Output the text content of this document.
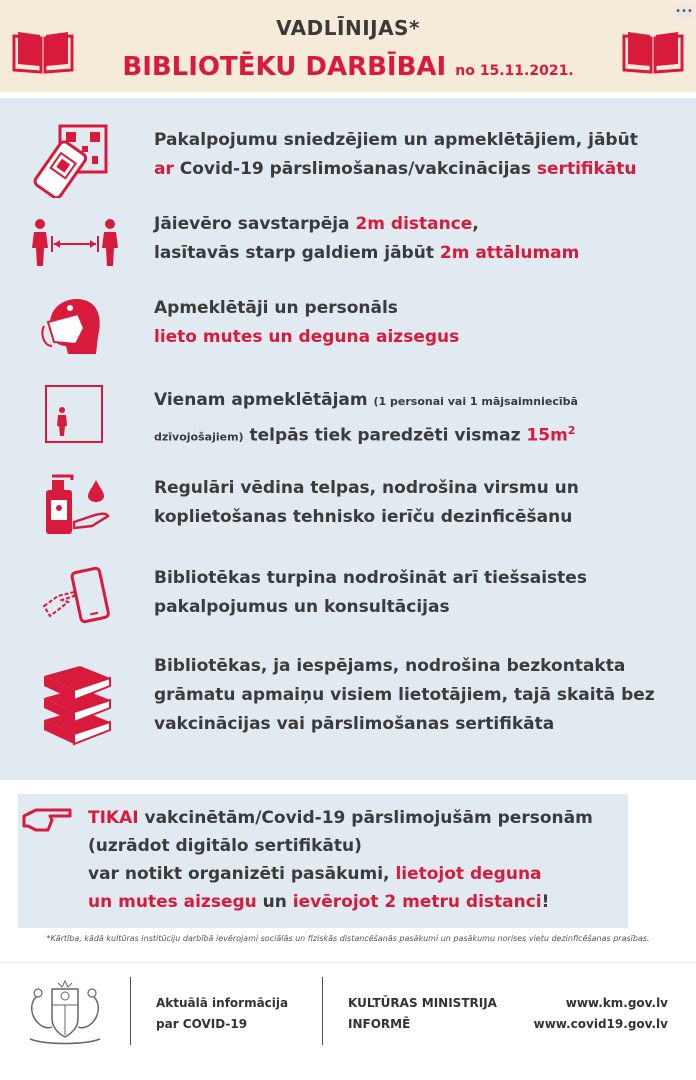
VADLĪNIJAS*
BIBLIOTĒKU DARBĪBAI no 15.11.2021.
•••
Pakalpojumu sniedzējiem un apmeklētājiem, jābūt
ar Covid-19 pārslimošanas/vakcinācijas sertifikātu
Jāievēro savstarpēja 2m distance,
lasītavās starp galdiem jābūt 2m attālumam
Apmeklētāji un personāls
lieto mutes un deguna aizsegus
Vienam apmeklētājam (1 personai vai 1 mājsaimniecībā
dzīvojošajiem) telpās tiek paredzēti vismaz $15m^2$
Regulāri vēdina telpas, nodrošina virsmu un
koplietošanas tehnisko ierīču dezinficēšanu
Bibliotēkas turpina nodrošināt arī tiešsaistes
pakalpojumus un konsultācijas
Bibliotēkas, ja iespējams, nodrošina bezkontakta
grāmatu apmaiņu visiem lietotājiem, tajā skaitā bez
vakcinācijas vai pārslimošanas sertifikāta
TIKAI vakcinētām/Covid-19 pārslimojušām personām
(uzrādot digitālo sertifikātu)
var notikt organizēti pasākumi, lietojot deguna
un mutes aizsegu un ievērojot 2 metru distanci!
*Kārtība, kādā kultūras institūciju darbībā ievērojami sociālās un fiziskās distancēšanās pasākumi un pasākumu norises vietu dezinficēšanas prasības.
Aktuālā informācija
par COVID-19
KULTŪRAS MINISTRIJA
INFORMĒ
www.km.gov.lv
www.covid19.gov.lv
